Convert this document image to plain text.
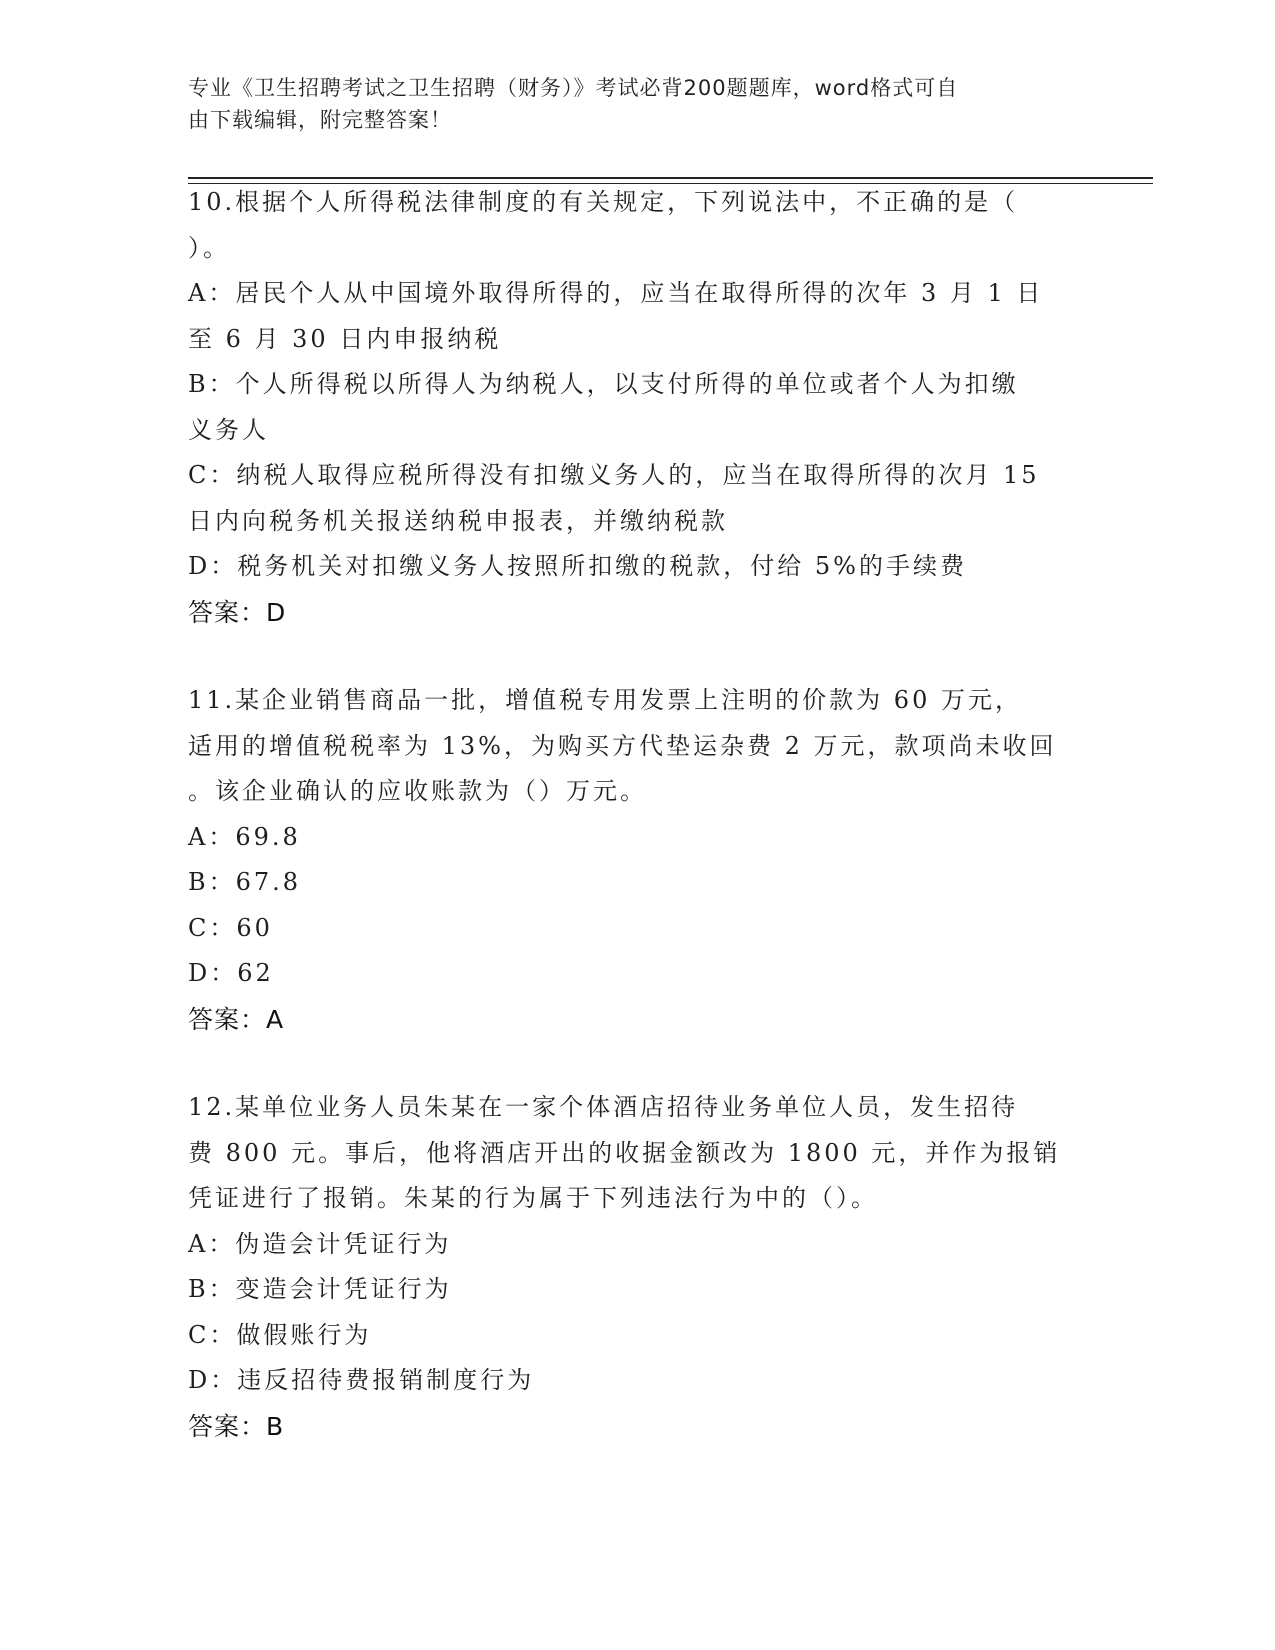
专业《卫生招聘考试之卫生招聘（财务）》考试必背200题题库，word格式可自
由下载编辑，附完整答案！
10.根据个人所得税法律制度的有关规定，下列说法中，不正确的是（
）。
A：居民个人从中国境外取得所得的，应当在取得所得的次年 3 月 1 日
至 6 月 30 日内申报纳税
B：个人所得税以所得人为纳税人，以支付所得的单位或者个人为扣缴
义务人
C：纳税人取得应税所得没有扣缴义务人的，应当在取得所得的次月 15
日内向税务机关报送纳税申报表，并缴纳税款
D：税务机关对扣缴义务人按照所扣缴的税款，付给 5%的手续费
答案：D
11.某企业销售商品一批，增值税专用发票上注明的价款为 60 万元，
适用的增值税税率为 13%，为购买方代垫运杂费 2 万元，款项尚未收回
。该企业确认的应收账款为（）万元。
A：69.8
B：67.8
C：60
D：62
答案：A
12.某单位业务人员朱某在一家个体酒店招待业务单位人员，发生招待
费 800 元。事后，他将酒店开出的收据金额改为 1800 元，并作为报销
凭证进行了报销。朱某的行为属于下列违法行为中的（）。
A：伪造会计凭证行为
B：变造会计凭证行为
C：做假账行为
D：违反招待费报销制度行为
答案：B
